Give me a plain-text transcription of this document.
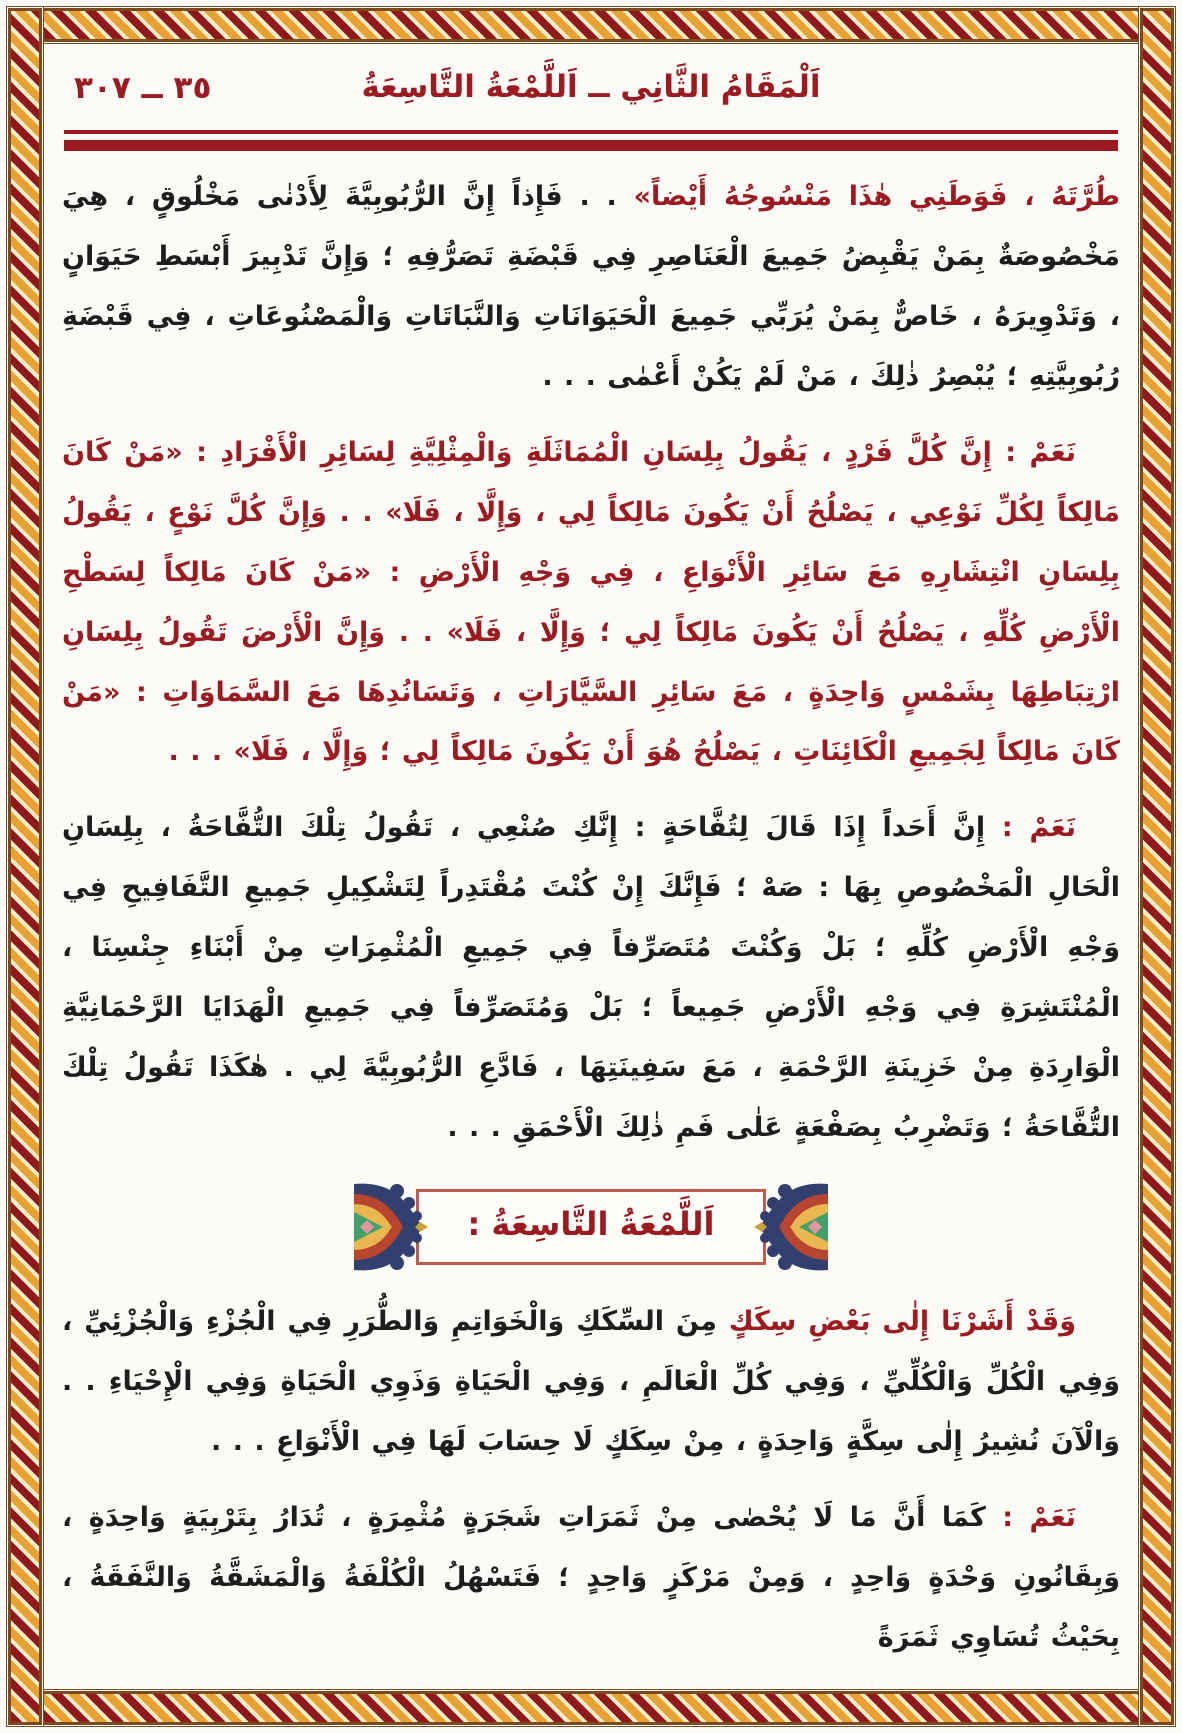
٣٥ ــ ٣٠٧	اَلْمَقَامُ الثَّانِي ــ اَللَّمْعَةُ التَّاسِعَةُ

طُرَّتَهُ ، فَوَطَنِي هٰذَا مَنْسُوجُهُ أَيْضاً» . . فَإِذاً إِنَّ الرُّبُوبِيَّةَ لِأَدْنٰى مَخْلُوقٍ ، هِيَ مَخْصُوصَةٌ بِمَنْ يَقْبِضُ جَمِيعَ الْعَنَاصِرِ فِي قَبْضَةِ تَصَرُّفِهِ ؛ وَإِنَّ تَدْبِيرَ أَبْسَطِ حَيَوَانٍ ، وَتَدْوِيرَهُ ، خَاصٌّ بِمَنْ يُرَبِّي جَمِيعَ الْحَيَوَانَاتِ وَالنَّبَاتَاتِ وَالْمَصْنُوعَاتِ ، فِي قَبْضَةِ رُبُوبِيَّتِهِ ؛ يُبْصِرُ ذٰلِكَ ، مَنْ لَمْ يَكُنْ أَعْمٰى . . .

نَعَمْ : إِنَّ كُلَّ فَرْدٍ ، يَقُولُ بِلِسَانِ الْمُمَاثَلَةِ وَالْمِثْلِيَّةِ لِسَائِرِ الْأَفْرَادِ : «مَنْ كَانَ مَالِكاً لِكُلِّ نَوْعِي ، يَصْلُحُ أَنْ يَكُونَ مَالِكاً لِي ، وَإِلَّا ، فَلَا» . . وَإِنَّ كُلَّ نَوْعٍ ، يَقُولُ بِلِسَانِ انْتِشَارِهِ مَعَ سَائِرِ الْأَنْوَاعِ ، فِي وَجْهِ الْأَرْضِ : «مَنْ كَانَ مَالِكاً لِسَطْحِ الْأَرْضِ كُلِّهِ ، يَصْلُحُ أَنْ يَكُونَ مَالِكاً لِي ؛ وَإِلَّا ، فَلَا» . . وَإِنَّ الْأَرْضَ تَقُولُ بِلِسَانِ ارْتِبَاطِهَا بِشَمْسٍ وَاحِدَةٍ ، مَعَ سَائِرِ السَّيَّارَاتِ ، وَتَسَانُدِهَا مَعَ السَّمَاوَاتِ : «مَنْ كَانَ مَالِكاً لِجَمِيعِ الْكَائِنَاتِ ، يَصْلُحُ هُوَ أَنْ يَكُونَ مَالِكاً لِي ؛ وَإِلَّا ، فَلَا» . . .

نَعَمْ : إِنَّ أَحَداً إِذَا قَالَ لِتُفَّاحَةٍ : إِنَّكِ صُنْعِي ، تَقُولُ تِلْكَ التُّفَّاحَةُ ، بِلِسَانِ الْحَالِ الْمَخْصُوصِ بِهَا : صَهْ ؛ فَإِنَّكَ إِنْ كُنْتَ مُقْتَدِراً لِتَشْكِيلِ جَمِيعِ التَّفَافِيحِ فِي وَجْهِ الْأَرْضِ كُلِّهِ ؛ بَلْ وَكُنْتَ مُتَصَرِّفاً فِي جَمِيعِ الْمُثْمِرَاتِ مِنْ أَبْنَاءِ جِنْسِنَا ، الْمُنْتَشِرَةِ فِي وَجْهِ الْأَرْضِ جَمِيعاً ؛ بَلْ وَمُتَصَرِّفاً فِي جَمِيعِ الْهَدَايَا الرَّحْمَانِيَّةِ الْوَارِدَةِ مِنْ خَزِينَةِ الرَّحْمَةِ ، مَعَ سَفِينَتِهَا ، فَادَّعِ الرُّبُوبِيَّةَ لِي . هٰكَذَا تَقُولُ تِلْكَ التُّفَّاحَةُ ؛ وَتَضْرِبُ بِصَفْعَةٍ عَلٰى فَمِ ذٰلِكَ الْأَحْمَقِ . . .

اَللَّمْعَةُ التَّاسِعَةُ :

وَقَدْ أَشَرْنَا إِلٰى بَعْضِ سِكَكٍ مِنَ السِّكَكِ وَالْخَوَاتِمِ وَالطُّرَرِ فِي الْجُزْءِ وَالْجُزْئِيِّ ، وَفِي الْكُلِّ وَالْكُلِّيِّ ، وَفِي كُلِّ الْعَالَمِ ، وَفِي الْحَيَاةِ وَذَوِي الْحَيَاةِ وَفِي الْإِحْيَاءِ . . وَالْآنَ نُشِيرُ إِلٰى سِكَّةٍ وَاحِدَةٍ ، مِنْ سِكَكٍ لَا حِسَابَ لَهَا فِي الْأَنْوَاعِ . . .

نَعَمْ : كَمَا أَنَّ مَا لَا يُحْصٰى مِنْ ثَمَرَاتِ شَجَرَةٍ مُثْمِرَةٍ ، تُدَارُ بِتَرْبِيَةٍ وَاحِدَةٍ ، وَبِقَانُونِ وَحْدَةٍ وَاحِدٍ ، وَمِنْ مَرْكَزٍ وَاحِدٍ ؛ فَتَسْهُلُ الْكُلْفَةُ وَالْمَشَقَّةُ وَالنَّفَقَةُ ، بِحَيْثُ تُسَاوِي ثَمَرَةً
